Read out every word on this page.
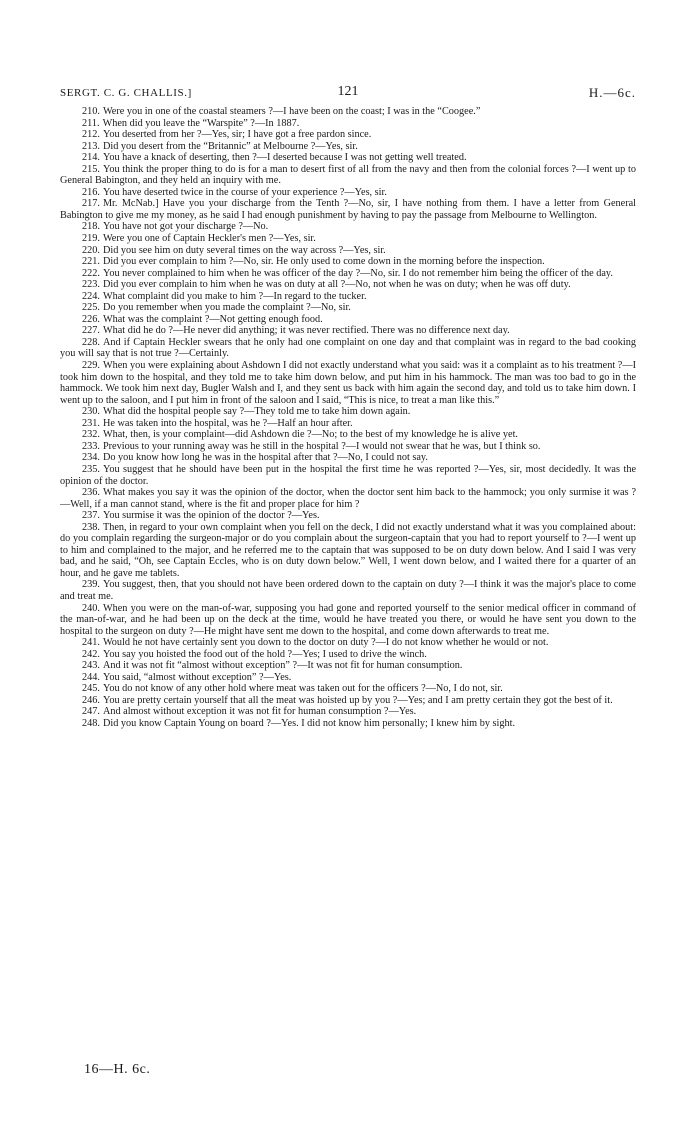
SERGT. C. G. CHALLIS.]	121	H.—6c.

210. Were you in one of the coastal steamers ?—I have been on the coast; I was in the “Coogee.”

211. When did you leave the “Warspite” ?—In 1887.

212. You deserted from her ?—Yes, sir; I have got a free pardon since.

213. Did you desert from the “Britannic” at Melbourne ?—Yes, sir.

214. You have a knack of deserting, then ?—I deserted because I was not getting well treated.

215. You think the proper thing to do is for a man to desert first of all from the navy and then from the colonial forces ?—I went up to General Babington, and they held an inquiry with me.

216. You have deserted twice in the course of your experience ?—Yes, sir.

217. Mr. McNab.] Have you your discharge from the Tenth ?—No, sir, I have nothing from them. I have a letter from General Babington to give me my money, as he said I had enough punishment by having to pay the passage from Melbourne to Wellington.

218. You have not got your discharge ?—No.

219. Were you one of Captain Heckler's men ?—Yes, sir.

220. Did you see him on duty several times on the way across ?—Yes, sir.

221. Did you ever complain to him ?—No, sir. He only used to come down in the morning before the inspection.

222. You never complained to him when he was officer of the day ?—No, sir. I do not remember him being the officer of the day.

223. Did you ever complain to him when he was on duty at all ?—No, not when he was on duty; when he was off duty.

224. What complaint did you make to him ?—In regard to the tucker.

225. Do you remember when you made the complaint ?—No, sir.

226. What was the complaint ?—Not getting enough food.

227. What did he do ?—He never did anything; it was never rectified. There was no difference next day.

228. And if Captain Heckler swears that he only had one complaint on one day and that complaint was in regard to the bad cooking you will say that is not true ?—Certainly.

229. When you were explaining about Ashdown I did not exactly understand what you said: was it a complaint as to his treatment ?—I took him down to the hospital, and they told me to take him down below, and put him in his hammock. The man was too bad to go in the hammock. We took him next day, Bugler Walsh and I, and they sent us back with him again the second day, and told us to take him down. I went up to the saloon, and I put him in front of the saloon and I said, “This is nice, to treat a man like this.”

230. What did the hospital people say ?—They told me to take him down again.

231. He was taken into the hospital, was he ?—Half an hour after.

232. What, then, is your complaint—did Ashdown die ?—No; to the best of my knowledge he is alive yet.

233. Previous to your running away was he still in the hospital ?—I would not swear that he was, but I think so.

234. Do you know how long he was in the hospital after that ?—No, I could not say.

235. You suggest that he should have been put in the hospital the first time he was reported ?—Yes, sir, most decidedly. It was the opinion of the doctor.

236. What makes you say it was the opinion of the doctor, when the doctor sent him back to the hammock; you only surmise it was ?—Well, if a man cannot stand, where is the fit and proper place for him ?

237. You surmise it was the opinion of the doctor ?—Yes.

238. Then, in regard to your own complaint when you fell on the deck, I did not exactly understand what it was you complained about: do you complain regarding the surgeon-major or do you complain about the surgeon-captain that you had to report yourself to ?—I went up to him and complained to the major, and he referred me to the captain that was supposed to be on duty down below. And I said I was very bad, and he said, “Oh, see Captain Eccles, who is on duty down below.” Well, I went down below, and I waited there for a quarter of an hour, and he gave me tablets.

239. You suggest, then, that you should not have been ordered down to the captain on duty ?—I think it was the major's place to come and treat me.

240. When you were on the man-of-war, supposing you had gone and reported yourself to the senior medical officer in command of the man-of-war, and he had been up on the deck at the time, would he have treated you there, or would he have sent you down to the hospital to the surgeon on duty ?—He might have sent me down to the hospital, and come down afterwards to treat me.

241. Would he not have certainly sent you down to the doctor on duty ?—I do not know whether he would or not.

242. You say you hoisted the food out of the hold ?—Yes; I used to drive the winch.

243. And it was not fit “almost without exception” ?—It was not fit for human consumption.

244. You said, “almost without exception” ?—Yes.

245. You do not know of any other hold where meat was taken out for the officers ?—No, I do not, sir.

246. You are pretty certain yourself that all the meat was hoisted up by you ?—Yes; and I am pretty certain they got the best of it.

247. And almost without exception it was not fit for human consumption ?—Yes.

248. Did you know Captain Young on board ?—Yes. I did not know him personally; I knew him by sight.

16—H. 6c.
